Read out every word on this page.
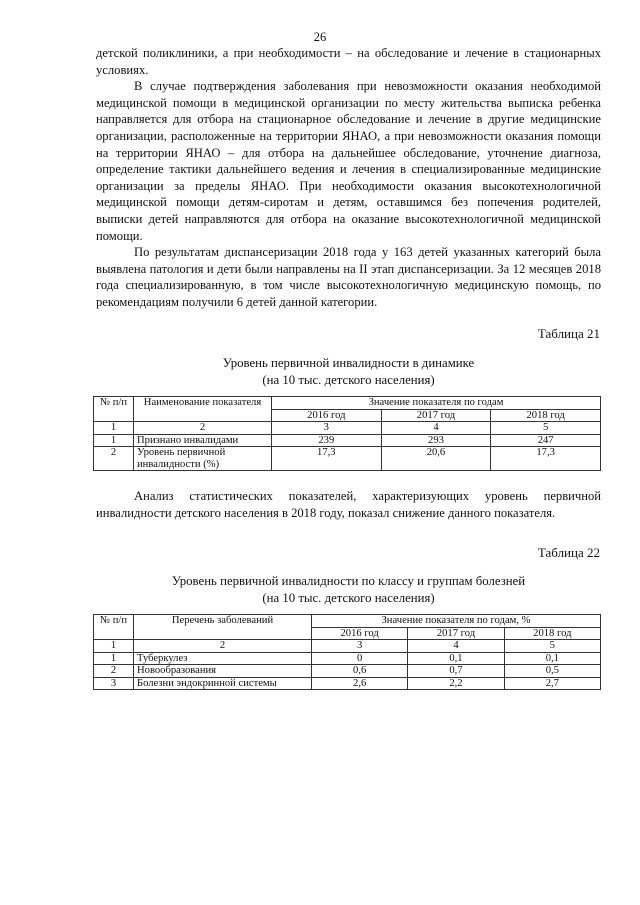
26

детской поликлиники, а при необходимости – на обследование и лечение в стационарных условиях.

В случае подтверждения заболевания при невозможности оказания необходимой медицинской помощи в медицинской организации по месту жительства выписка ребенка направляется для отбора на стационарное обследование и лечение в другие медицинские организации, расположенные на территории ЯНАО, а при невозможности оказания помощи на территории ЯНАО – для отбора на дальнейшее обследование, уточнение диагноза, определение тактики дальнейшего ведения и лечения в специализированные медицинские организации за пределы ЯНАО. При необходимости оказания высокотехнологичной медицинской помощи детям-сиротам и детям, оставшимся без попечения родителей, выписки детей направляются для отбора на оказание высокотехнологичной медицинской помощи.

По результатам диспансеризации 2018 года у 163 детей указанных категорий была выявлена патология и дети были направлены на II этап диспансеризации. За 12 месяцев 2018 года специализированную, в том числе высокотехнологичную медицинскую помощь, по рекомендациям получили 6 детей данной категории.

Таблица 21
Уровень первичной инвалидности в динамике
(на 10 тыс. детского населения)
№ п/п	Наименование показателя	Значение показателя по годам		
		2016 год	2017 год	2018 год
1	2	3	4	5
1	Признано инвалидами	239	293	247
2	Уровень первичной инвалидности (%)	17,3	20,6	17,3

Анализ статистических показателей, характеризующих уровень первичной инвалидности детского населения в 2018 году, показал снижение данного показателя.

Таблица 22
Уровень первичной инвалидности по классу и группам болезней
(на 10 тыс. детского населения)
№ п/п	Перечень заболеваний	Значение показателя по годам, %		
		2016 год	2017 год	2018 год
1	2	3	4	5
1	Туберкулез	0	0,1	0,1
2	Новообразования	0,6	0,7	0,5
3	Болезни эндокринной системы	2,6	2,2	2,7
